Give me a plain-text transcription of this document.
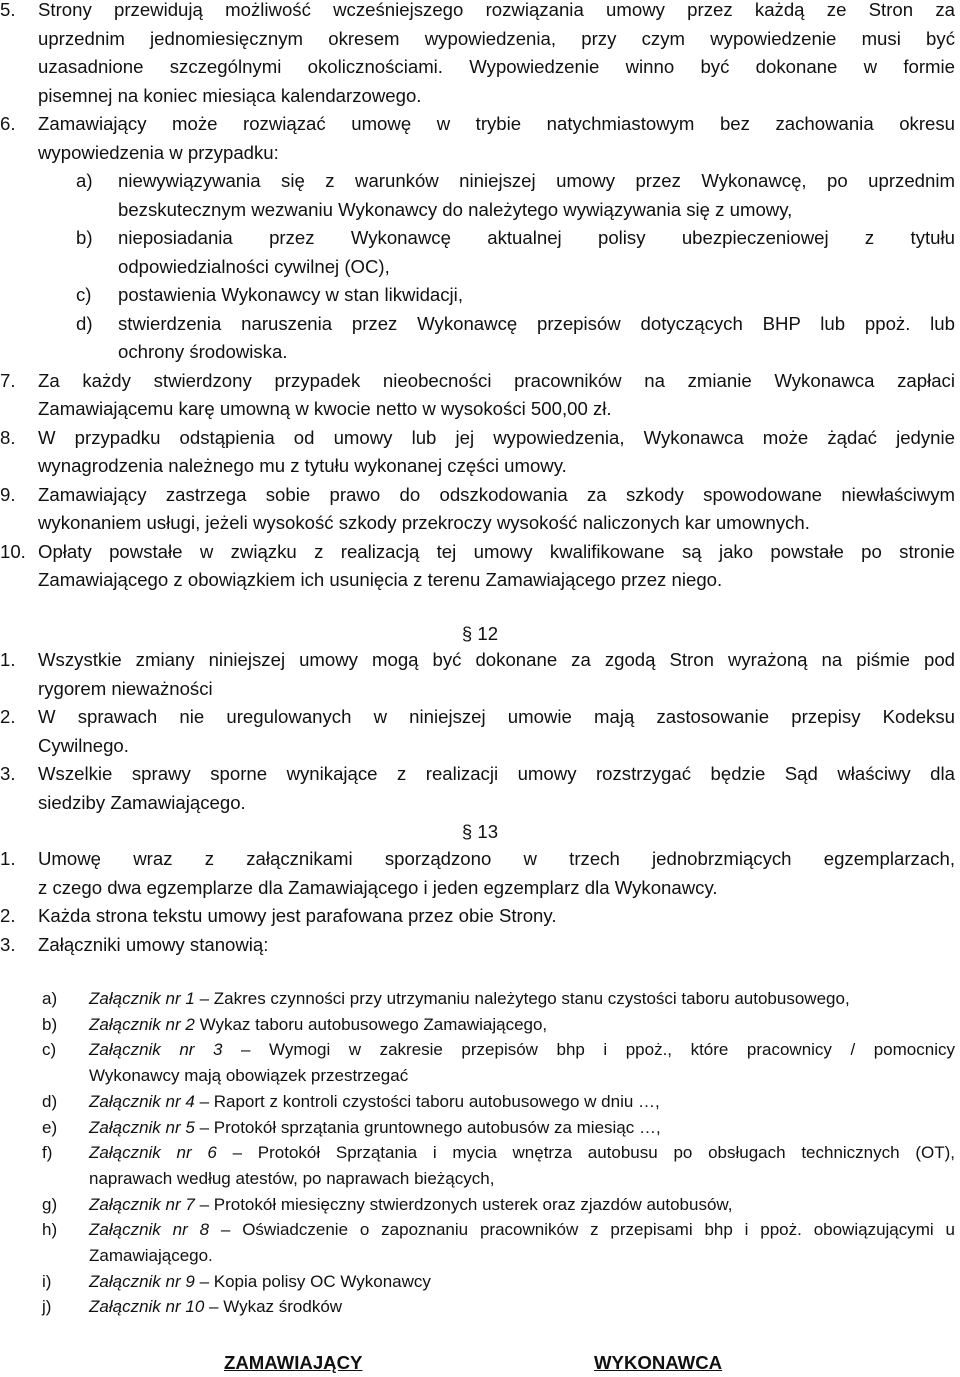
5. Strony przewidują możliwość wcześniejszego rozwiązania umowy przez każdą ze Stron za
uprzednim jednomiesięcznym okresem wypowiedzenia, przy czym wypowiedzenie musi być
uzasadnione szczególnymi okolicznościami. Wypowiedzenie winno być dokonane w formie
pisemnej na koniec miesiąca kalendarzowego.
6. Zamawiający może rozwiązać umowę w trybie natychmiastowym bez zachowania okresu
wypowiedzenia w przypadku:
a) niewywiązywania się z warunków niniejszej umowy przez Wykonawcę, po uprzednim
bezskutecznym wezwaniu Wykonawcy do należytego wywiązywania się z umowy,
b) nieposiadania przez Wykonawcę aktualnej polisy ubezpieczeniowej z tytułu
odpowiedzialności cywilnej (OC),
c) postawienia Wykonawcy w stan likwidacji,
d) stwierdzenia naruszenia przez Wykonawcę przepisów dotyczących BHP lub ppoż. lub
ochrony środowiska.
7. Za każdy stwierdzony przypadek nieobecności pracowników na zmianie Wykonawca zapłaci
Zamawiającemu karę umowną w kwocie netto w wysokości 500,00 zł.
8. W przypadku odstąpienia od umowy lub jej wypowiedzenia, Wykonawca może żądać jedynie
wynagrodzenia należnego mu z tytułu wykonanej części umowy.
9. Zamawiający zastrzega sobie prawo do odszkodowania za szkody spowodowane niewłaściwym
wykonaniem usługi, jeżeli wysokość szkody przekroczy wysokość naliczonych kar umownych.
10. Opłaty powstałe w związku z realizacją tej umowy kwalifikowane są jako powstałe po stronie
Zamawiającego z obowiązkiem ich usunięcia z terenu Zamawiającego przez niego.
§ 12
1. Wszystkie zmiany niniejszej umowy mogą być dokonane za zgodą Stron wyrażoną na piśmie pod
rygorem nieważności
2. W sprawach nie uregulowanych w niniejszej umowie mają zastosowanie przepisy Kodeksu
Cywilnego.
3. Wszelkie sprawy sporne wynikające z realizacji umowy rozstrzygać będzie Sąd właściwy dla
siedziby Zamawiającego.
§ 13
1. Umowę wraz z załącznikami sporządzono w trzech jednobrzmiących egzemplarzach,
z czego dwa egzemplarze dla Zamawiającego i jeden egzemplarz dla Wykonawcy.
2. Każda strona tekstu umowy jest parafowana przez obie Strony.
3. Załączniki umowy stanowią:
a) Załącznik nr 1 – Zakres czynności przy utrzymaniu należytego stanu czystości taboru autobusowego,
b) Załącznik nr 2 Wykaz taboru autobusowego Zamawiającego,
c) Załącznik nr 3 – Wymogi w zakresie przepisów bhp i ppoż., które pracownicy / pomocnicy
Wykonawcy mają obowiązek przestrzegać
d) Załącznik nr 4 – Raport z kontroli czystości taboru autobusowego w dniu …,
e) Załącznik nr 5 – Protokół sprzątania gruntownego autobusów za miesiąc …,
f) Załącznik nr 6 – Protokół Sprzątania i mycia wnętrza autobusu po obsługach technicznych (OT),
naprawach według atestów, po naprawach bieżących,
g) Załącznik nr 7 – Protokół miesięczny stwierdzonych usterek oraz zjazdów autobusów,
h) Załącznik nr 8 – Oświadczenie o zapoznaniu pracowników z przepisami bhp i ppoż. obowiązującymi u
Zamawiającego.
i) Załącznik nr 9 – Kopia polisy OC Wykonawcy
j) Załącznik nr 10 – Wykaz środków
ZAMAWIAJĄCY	WYKONAWCA
